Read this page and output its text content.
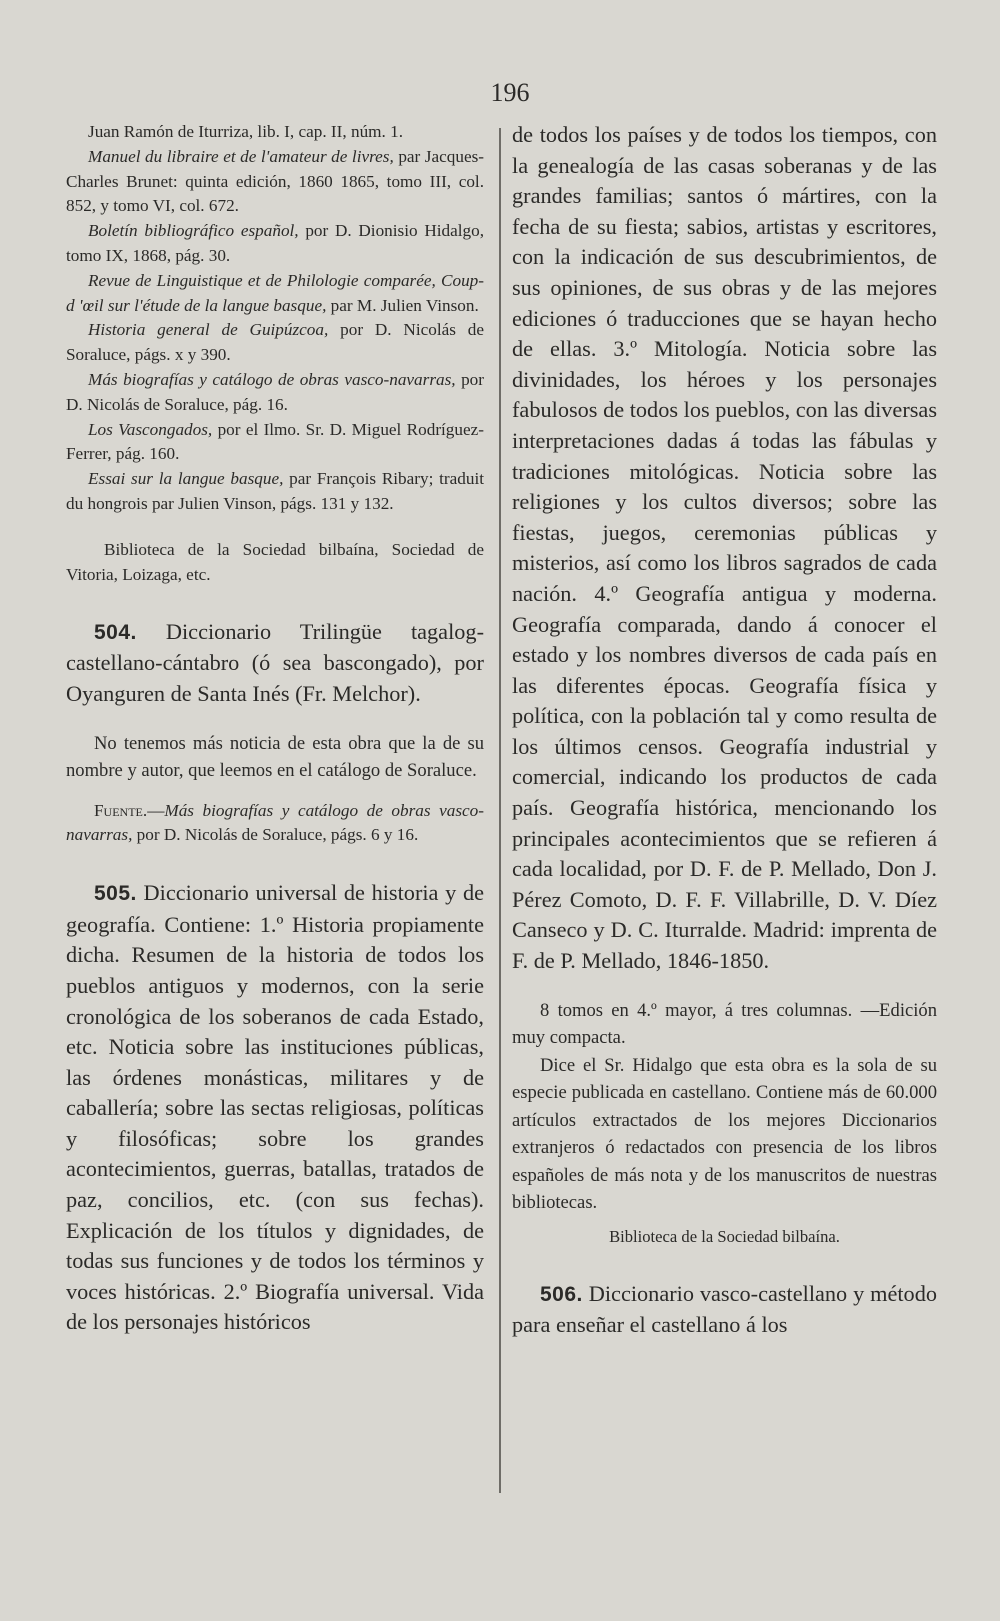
196

Juan Ramón de Iturriza, lib. I, cap. II, núm. 1.

Manuel du libraire et de l'amateur de livres, par Jacques-Charles Brunet: quinta edición, 1860 1865, tomo III, col. 852, y tomo VI, col. 672.

Boletín bibliográfico español, por D. Dionisio Hidalgo, tomo IX, 1868, pág. 30.

Revue de Linguistique et de Philologie comparée, Coup-d 'œil sur l'étude de la langue basque, par M. Julien Vinson.

Historia general de Guipúzcoa, por D. Nicolás de Soraluce, págs. x y 390.

Más biografías y catálogo de obras vasco-navarras, por D. Nicolás de Soraluce, pág. 16.

Los Vascongados, por el Ilmo. Sr. D. Miguel Rodríguez-Ferrer, pág. 160.

Essai sur la langue basque, par François Ribary; traduit du hongrois par Julien Vinson, págs. 131 y 132.

Biblioteca de la Sociedad bilbaína, Sociedad de Vitoria, Loizaga, etc.

504. Diccionario Trilingüe tagalog-castellano-cántabro (ó sea bascongado), por Oyanguren de Santa Inés (Fr. Melchor).

No tenemos más noticia de esta obra que la de su nombre y autor, que leemos en el catálogo de Soraluce.

Fuente.—Más biografías y catálogo de obras vasco-navarras, por D. Nicolás de Soraluce, págs. 6 y 16.

505. Diccionario universal de historia y de geografía. Contiene: 1.º Historia propiamente dicha. Resumen de la historia de todos los pueblos antiguos y modernos, con la serie cronológica de los soberanos de cada Estado, etc. Noticia sobre las instituciones públicas, las órdenes monásticas, militares y de caballería; sobre las sectas religiosas, políticas y filosóficas; sobre los grandes acontecimientos, guerras, batallas, tratados de paz, concilios, etc. (con sus fechas). Explicación de los títulos y dignidades, de todas sus funciones y de todos los términos y voces históricas. 2.º Biografía universal. Vida de los personajes históricos

de todos los países y de todos los tiempos, con la genealogía de las casas soberanas y de las grandes familias; santos ó mártires, con la fecha de su fiesta; sabios, artistas y escritores, con la indicación de sus descubrimientos, de sus opiniones, de sus obras y de las mejores ediciones ó traducciones que se hayan hecho de ellas. 3.º Mitología. Noticia sobre las divinidades, los héroes y los personajes fabulosos de todos los pueblos, con las diversas interpretaciones dadas á todas las fábulas y tradiciones mitológicas. Noticia sobre las religiones y los cultos diversos; sobre las fiestas, juegos, ceremonias públicas y misterios, así como los libros sagrados de cada nación. 4.º Geografía antigua y moderna. Geografía comparada, dando á conocer el estado y los nombres diversos de cada país en las diferentes épocas. Geografía física y política, con la población tal y como resulta de los últimos censos. Geografía industrial y comercial, indicando los productos de cada país. Geografía histórica, mencionando los principales acontecimientos que se refieren á cada localidad, por D. F. de P. Mellado, Don J. Pérez Comoto, D. F. F. Villabrille, D. V. Díez Canseco y D. C. Iturralde. Madrid: imprenta de F. de P. Mellado, 1846-1850.

8 tomos en 4.º mayor, á tres columnas. —Edición muy compacta.

Dice el Sr. Hidalgo que esta obra es la sola de su especie publicada en castellano. Contiene más de 60.000 artículos extractados de los mejores Diccionarios extranjeros ó redactados con presencia de los libros españoles de más nota y de los manuscritos de nuestras bibliotecas.

Biblioteca de la Sociedad bilbaína.

506. Diccionario vasco-castellano y método para enseñar el castellano á los
